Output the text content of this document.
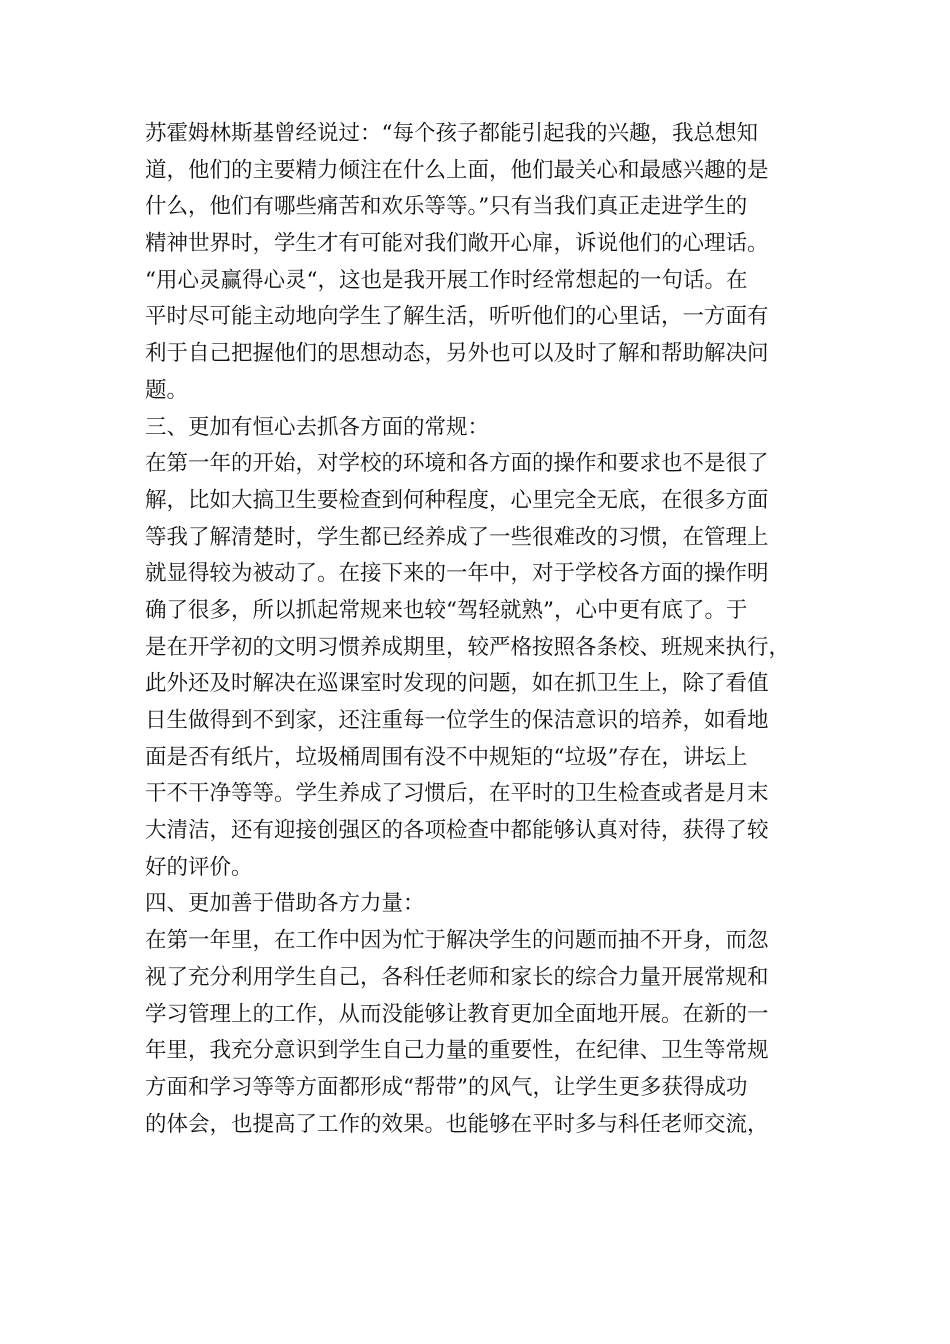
苏霍姆林斯基曾经说过：“每个孩子都能引起我的兴趣，我总想知
道，他们的主要精力倾注在什么上面，他们最关心和最感兴趣的是
什么，他们有哪些痛苦和欢乐等等。”只有当我们真正走进学生的
精神世界时，学生才有可能对我们敞开心扉，诉说他们的心理话。
“用心灵赢得心灵“，这也是我开展工作时经常想起的一句话。在
平时尽可能主动地向学生了解生活，听听他们的心里话，一方面有
利于自己把握他们的思想动态，另外也可以及时了解和帮助解决问
题。
三、更加有恒心去抓各方面的常规：
在第一年的开始，对学校的环境和各方面的操作和要求也不是很了
解，比如大搞卫生要检查到何种程度，心里完全无底，在很多方面
等我了解清楚时，学生都已经养成了一些很难改的习惯，在管理上
就显得较为被动了。在接下来的一年中，对于学校各方面的操作明
确了很多，所以抓起常规来也较“驾轻就熟”，心中更有底了。于
是在开学初的文明习惯养成期里，较严格按照各条校、班规来执行，
此外还及时解决在巡课室时发现的问题，如在抓卫生上，除了看值
日生做得到不到家，还注重每一位学生的保洁意识的培养，如看地
面是否有纸片，垃圾桶周围有没不中规矩的“垃圾”存在，讲坛上
干不干净等等。学生养成了习惯后，在平时的卫生检查或者是月末
大清洁，还有迎接创强区的各项检查中都能够认真对待，获得了较
好的评价。
四、更加善于借助各方力量：
在第一年里，在工作中因为忙于解决学生的问题而抽不开身，而忽
视了充分利用学生自己，各科任老师和家长的综合力量开展常规和
学习管理上的工作，从而没能够让教育更加全面地开展。在新的一
年里，我充分意识到学生自己力量的重要性，在纪律、卫生等常规
方面和学习等等方面都形成“帮带”的风气，让学生更多获得成功
的体会，也提高了工作的效果。也能够在平时多与科任老师交流，
